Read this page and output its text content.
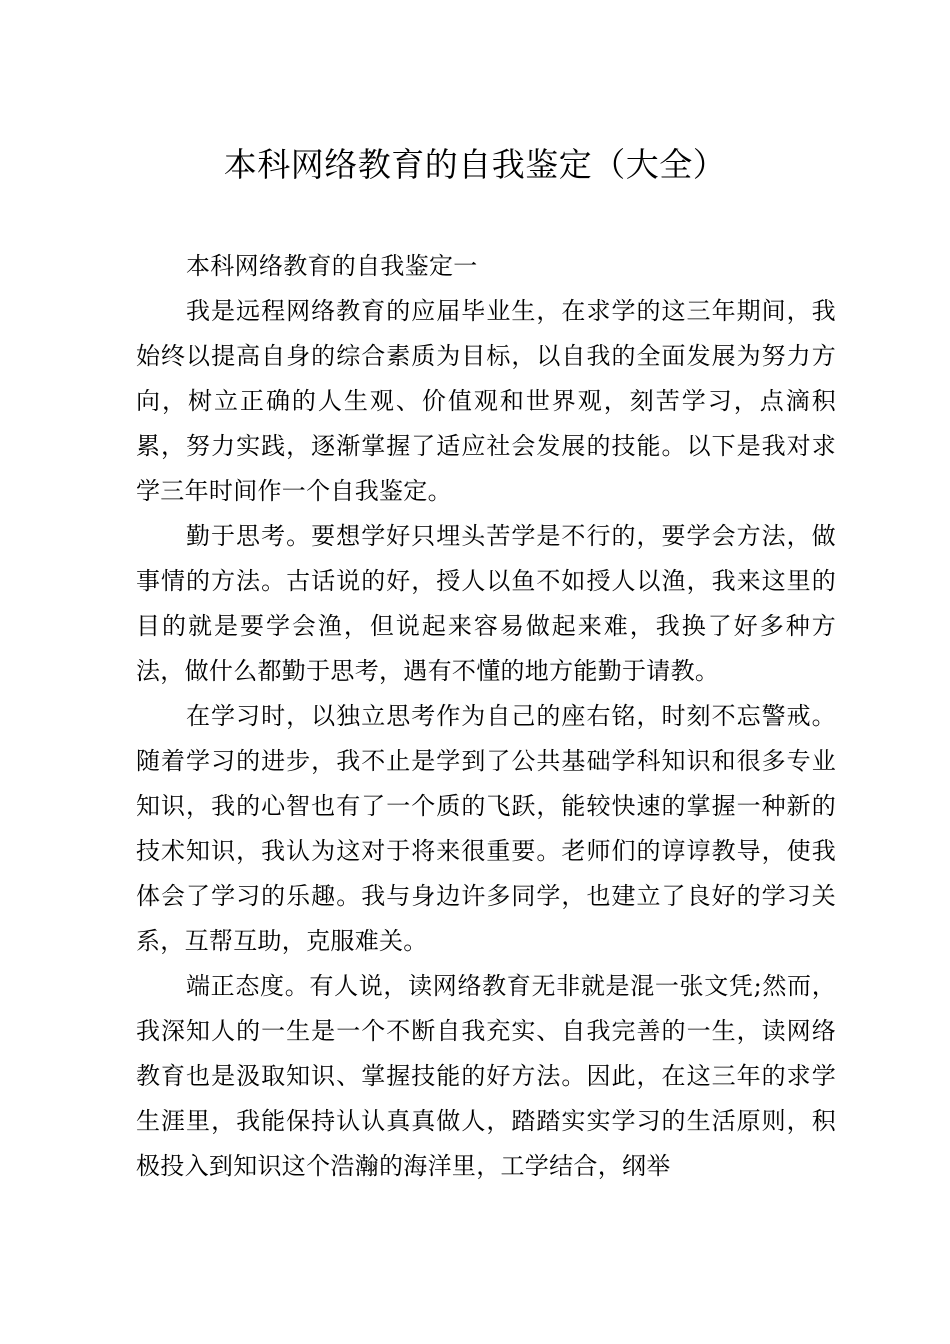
本科网络教育的自我鉴定（大全）

本科网络教育的自我鉴定一

我是远程网络教育的应届毕业生，在求学的这三年期间，我始终以提高自身的综合素质为目标，以自我的全面发展为努力方向，树立正确的人生观、价值观和世界观，刻苦学习，点滴积累，努力实践，逐渐掌握了适应社会发展的技能。以下是我对求学三年时间作一个自我鉴定。

勤于思考。要想学好只埋头苦学是不行的，要学会方法，做事情的方法。古话说的好，授人以鱼不如授人以渔，我来这里的目的就是要学会渔，但说起来容易做起来难，我换了好多种方法，做什么都勤于思考，遇有不懂的地方能勤于请教。

在学习时，以独立思考作为自己的座右铭，时刻不忘警戒。随着学习的进步，我不止是学到了公共基础学科知识和很多专业知识，我的心智也有了一个质的飞跃，能较快速的掌握一种新的技术知识，我认为这对于将来很重要。老师们的谆谆教导，使我体会了学习的乐趣。我与身边许多同学，也建立了良好的学习关系，互帮互助，克服难关。

端正态度。有人说，读网络教育无非就是混一张文凭;然而，我深知人的一生是一个不断自我充实、自我完善的一生，读网络教育也是汲取知识、掌握技能的好方法。因此，在这三年的求学生涯里，我能保持认认真真做人，踏踏实实学习的生活原则，积极投入到知识这个浩瀚的海洋里，工学结合，纲举
